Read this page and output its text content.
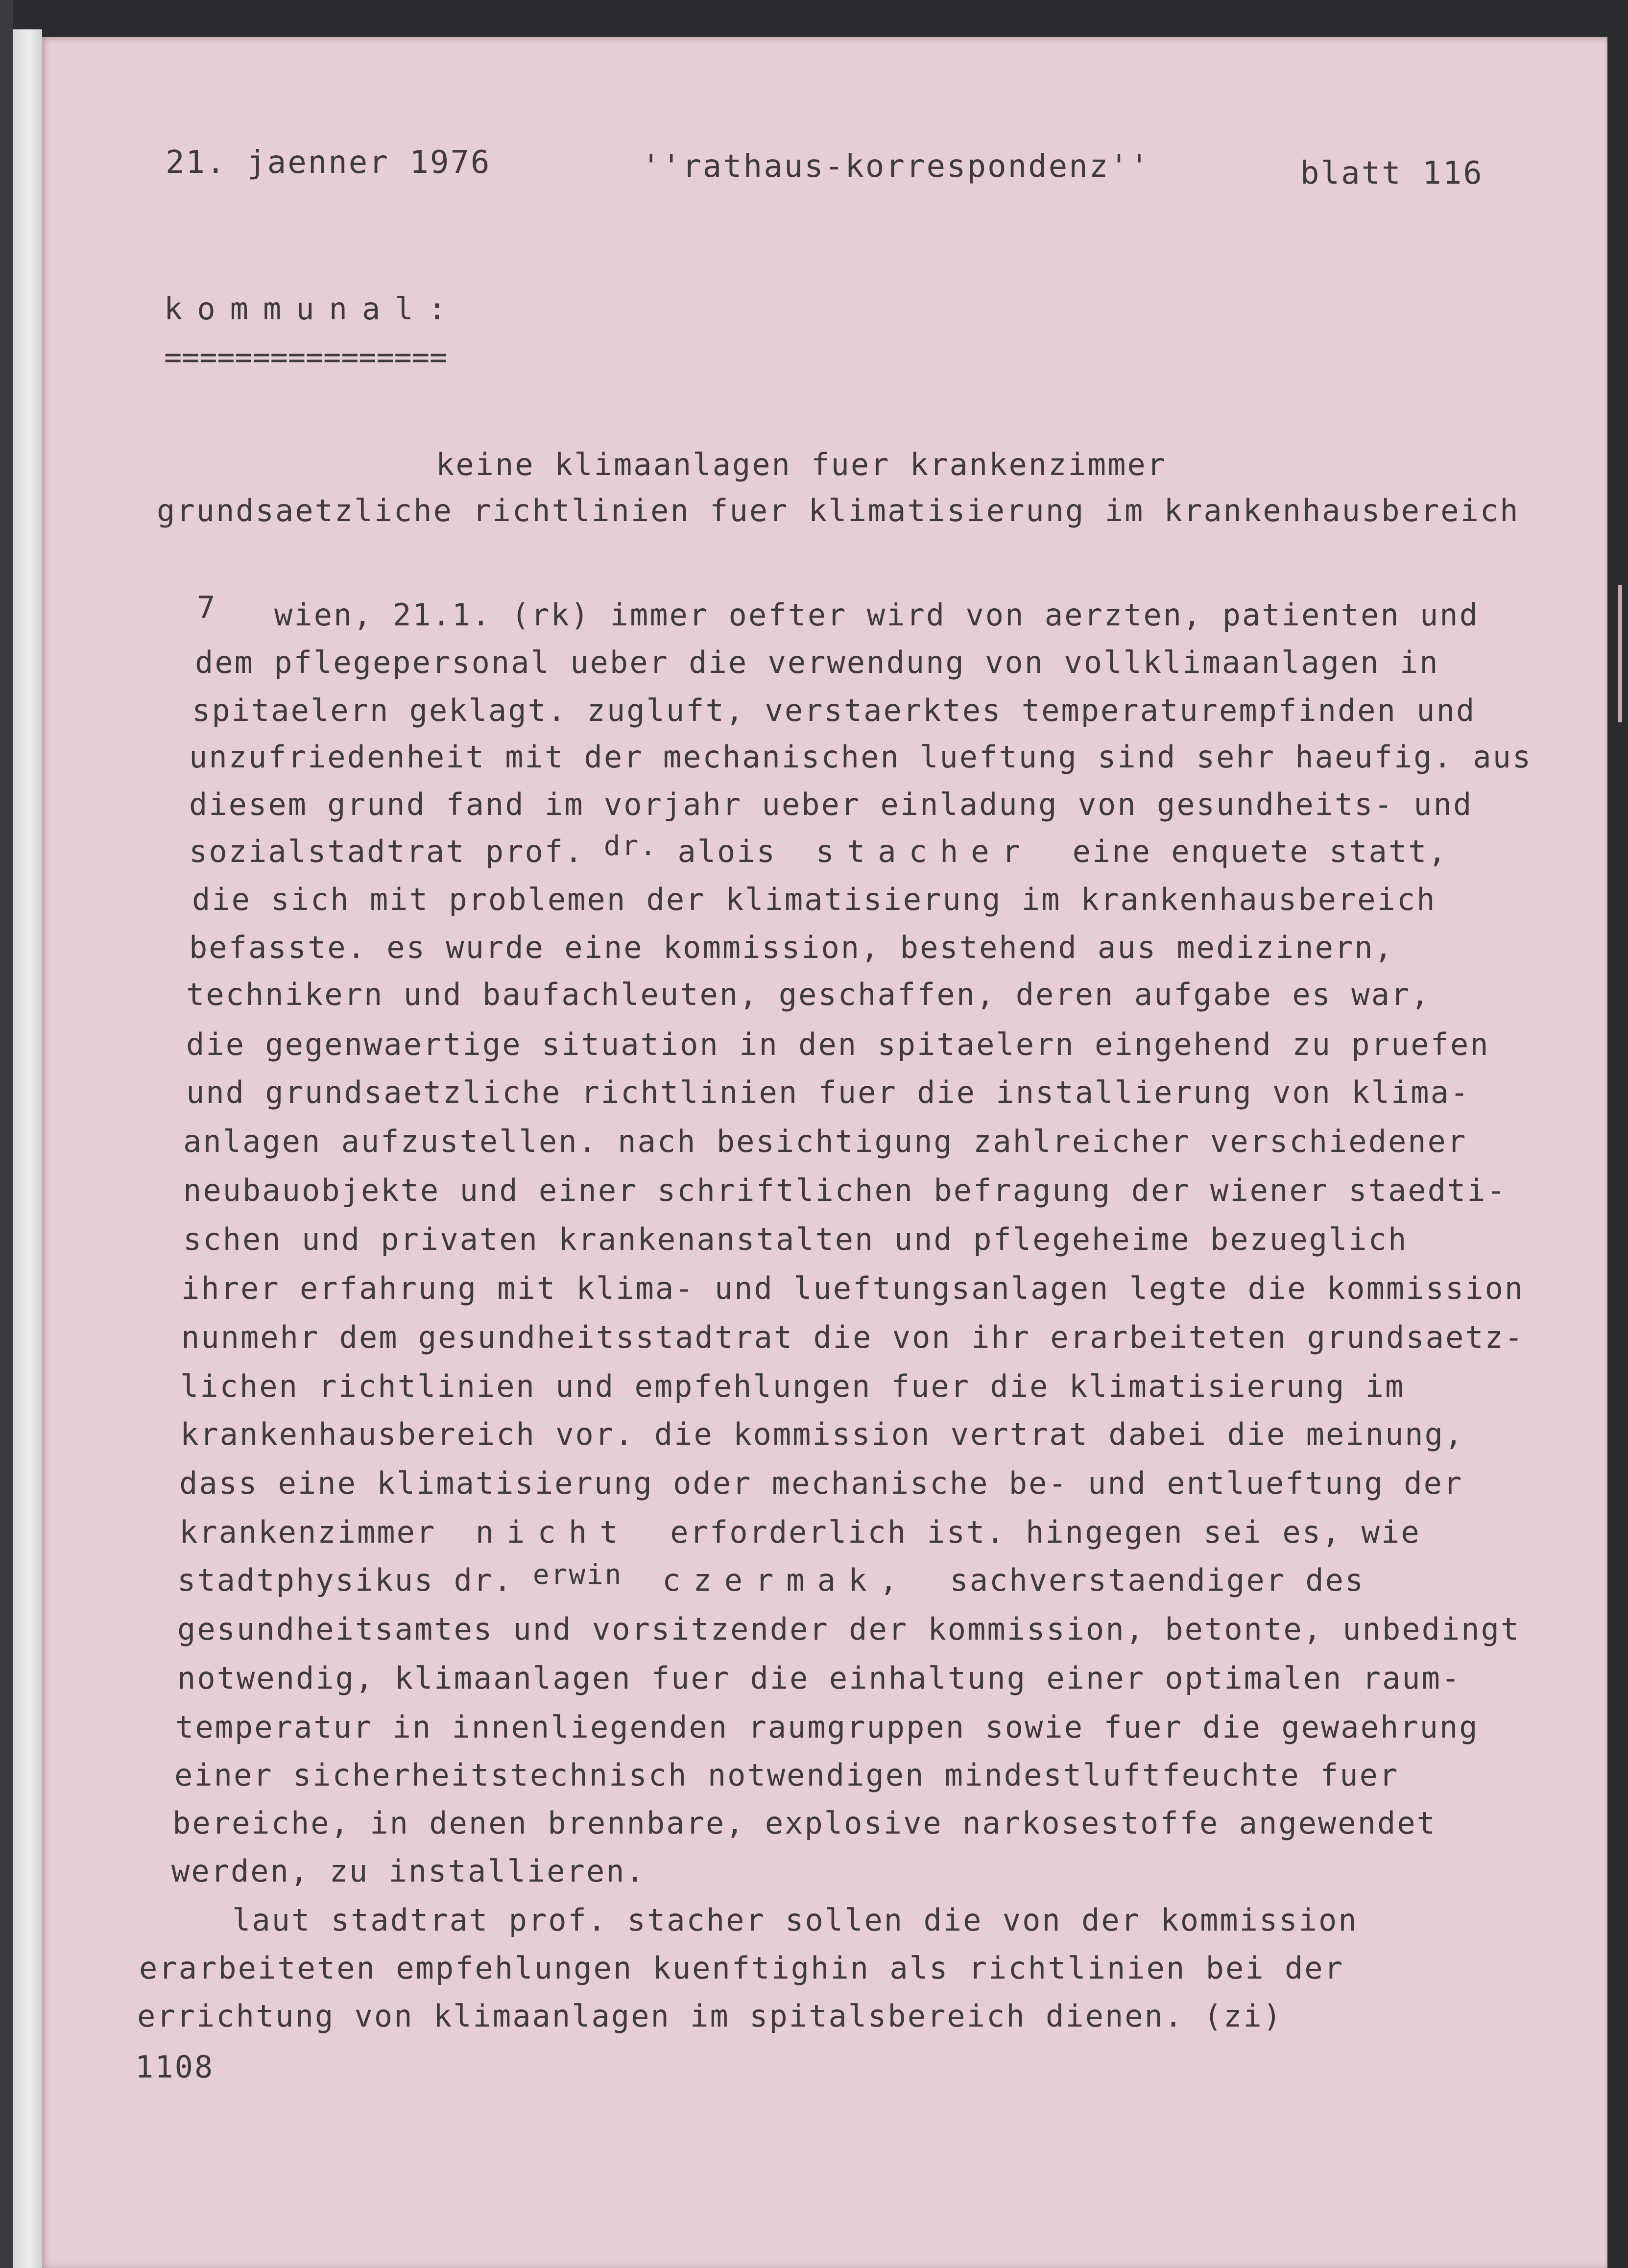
21. jaenner 1976	''rathaus-korrespondenz''	blatt 116

kommunal:

================

keine klimaanlagen fuer krankenzimmer

grundsaetzliche richtlinien fuer klimatisierung im krankenhausbereich

7 wien, 21.1. (rk) immer oefter wird von aerzten, patienten und

dem pflegepersonal ueber die verwendung von vollklimaanlagen in

spitaelern geklagt. zugluft, verstaerktes temperaturempfinden und

unzufriedenheit mit der mechanischen lueftung sind sehr haeufig. aus

diesem grund fand im vorjahr ueber einladung von gesundheits- und

sozialstadtrat prof. dr. alois stacher eine enquete statt,

die sich mit problemen der klimatisierung im krankenhausbereich

befasste. es wurde eine kommission, bestehend aus medizinern,

technikern und baufachleuten, geschaffen, deren aufgabe es war,

die gegenwaertige situation in den spitaelern eingehend zu pruefen

und grundsaetzliche richtlinien fuer die installierung von klima-

anlagen aufzustellen. nach besichtigung zahlreicher verschiedener

neubauobjekte und einer schriftlichen befragung der wiener staedti-

schen und privaten krankenanstalten und pflegeheime bezueglich

ihrer erfahrung mit klima- und lueftungsanlagen legte die kommission

nunmehr dem gesundheitsstadtrat die von ihr erarbeiteten grundsaetz-

lichen richtlinien und empfehlungen fuer die klimatisierung im

krankenhausbereich vor. die kommission vertrat dabei die meinung,

dass eine klimatisierung oder mechanische be- und entlueftung der

krankenzimmer nicht erforderlich ist. hingegen sei es, wie

stadtphysikus dr. erwin czermak, sachverstaendiger des

gesundheitsamtes und vorsitzender der kommission, betonte, unbedingt

notwendig, klimaanlagen fuer die einhaltung einer optimalen raum-

temperatur in innenliegenden raumgruppen sowie fuer die gewaehrung

einer sicherheitstechnisch notwendigen mindestluftfeuchte fuer

bereiche, in denen brennbare, explosive narkosestoffe angewendet

werden, zu installieren.

laut stadtrat prof. stacher sollen die von der kommission

erarbeiteten empfehlungen kuenftighin als richtlinien bei der

errichtung von klimaanlagen im spitalsbereich dienen. (zi)

1108
